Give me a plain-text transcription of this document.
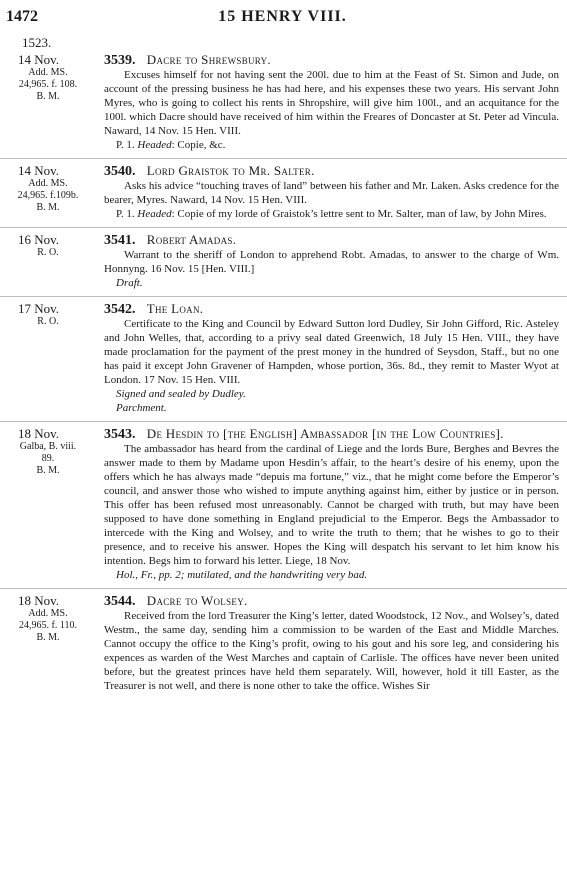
1472	15 HENRY VIII.
1523.
14 Nov.
Add. MS.
24,965. f. 108.
B. M.
3539. Dacre to Shrewsbury.

Excuses himself for not having sent the 200l. due to him at the Feast of St. Simon and Jude, on account of the pressing business he has had here, and his expenses these two years. His servant John Myres, who is going to collect his rents in Shropshire, will give him 100l., and an acquitance for the 100l. which Dacre should have received of him within the Freares of Doncaster at St. Peter ad Vincula. Naward, 14 Nov. 15 Hen. VIII.

P. 1. Headed: Copie, &c.

14 Nov.
Add. MS.
24,965. f.109b.
B. M.
3540. Lord Graistok to Mr. Salter.

Asks his advice “touching traves of land” between his father and Mr. Laken. Asks credence for the bearer, Myres. Naward, 14 Nov. 15 Hen. VIII.

P. 1. Headed: Copie of my lorde of Graistok’s lettre sent to Mr. Salter, man of law, by John Mires.

16 Nov.
R. O.
3541. Robert Amadas.

Warrant to the sheriff of London to apprehend Robt. Amadas, to answer to the charge of Wm. Honnyng. 16 Nov. 15 [Hen. VIII.]

Draft.

17 Nov.
R. O.
3542. The Loan.

Certificate to the King and Council by Edward Sutton lord Dudley, Sir John Gifford, Ric. Asteley and John Welles, that, according to a privy seal dated Greenwich, 18 July 15 Hen. VIII., they have made proclamation for the payment of the prest money in the hundred of Seysdon, Staff., but no one has paid it except John Gravener of Hampden, whose portion, 36s. 8d., they remit to Master Wyot at London. 17 Nov. 15 Hen. VIII.

Signed and sealed by Dudley.

Parchment.

18 Nov.
Galba, B. viii.
89.
B. M.
3543. De Hesdin to [the English] Ambassador [in the Low Countries].

The ambassador has heard from the cardinal of Liege and the lords Bure, Berghes and Bevres the answer made to them by Madame upon Hesdin’s affair, to the heart’s desire of his enemy, upon the offers which he has always made “depuis ma fortune,” viz., that he might come before the Emperor’s council, and answer those who wished to impute anything against him, either by justice or in person. This offer has been refused most unreasonably. Cannot be charged with truth, but may have been supposed to have done something in England prejudicial to the Emperor. Begs the Ambassador to intercede with the King and Wolsey, and to write the truth to them; that he wishes to go to their presence, and to receive his answer. Hopes the King will despatch his servant to let him know his intention. Begs him to forward his letter. Liege, 18 Nov.

Hol., Fr., pp. 2; mutilated, and the handwriting very bad.

18 Nov.
Add. MS.
24,965. f. 110.
B. M.
3544. Dacre to Wolsey.

Received from the lord Treasurer the King’s letter, dated Woodstock, 12 Nov., and Wolsey’s, dated Westm., the same day, sending him a commission to be warden of the East and Middle Marches. Cannot occupy the office to the King’s profit, owing to his gout and his sore leg, and considering his expences as warden of the West Marches and captain of Carlisle. The offices have never been united before, but the greatest princes have held them separately. Will, however, hold it till Easter, as the Treasurer is not well, and there is none other to take the office. Wishes Sir
